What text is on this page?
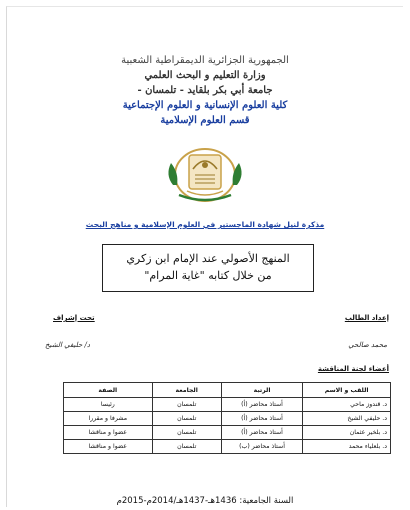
الجمهورية الجزائرية الديمقراطية الشعبية
وزارة التعليم و البحث العلمي
جامعة أبي بكر بلقايد - تلمسان -
كلية العلوم الإنسانية و العلوم الإجتماعية
قسم العلوم الإسلامية
مذكرة لنيل شهادة الماجستير في العلوم الإسلامية و مناهج البحث
المنهج الأصولي عند الإمام ابن زكري
من خلال كتابه "غاية المرام"
إعداد الطالب
محمد صالحي
تحت إشراف
د/ حليفي الشيخ
أعضاء لجنة المناقشة
اللقب و الاسم	الرتبة	الجامعة	الصفة
د. قندوز ماحي	أستاذ محاضر (أ)	تلمسان	رئيسا
د. حليفي الشيخ	أستاذ محاضر (أ)	تلمسان	مشرفا و مقررا
د. بلخير عثمان	أستاذ محاضر (أ)	تلمسان	عضوا و مناقشا
د. بلعلياء محمد	أستاذ محاضر (ب)	تلمسان	عضوا و مناقشا
السنة الجامعية: 1436هـ-1437هـ/2014م-2015م
